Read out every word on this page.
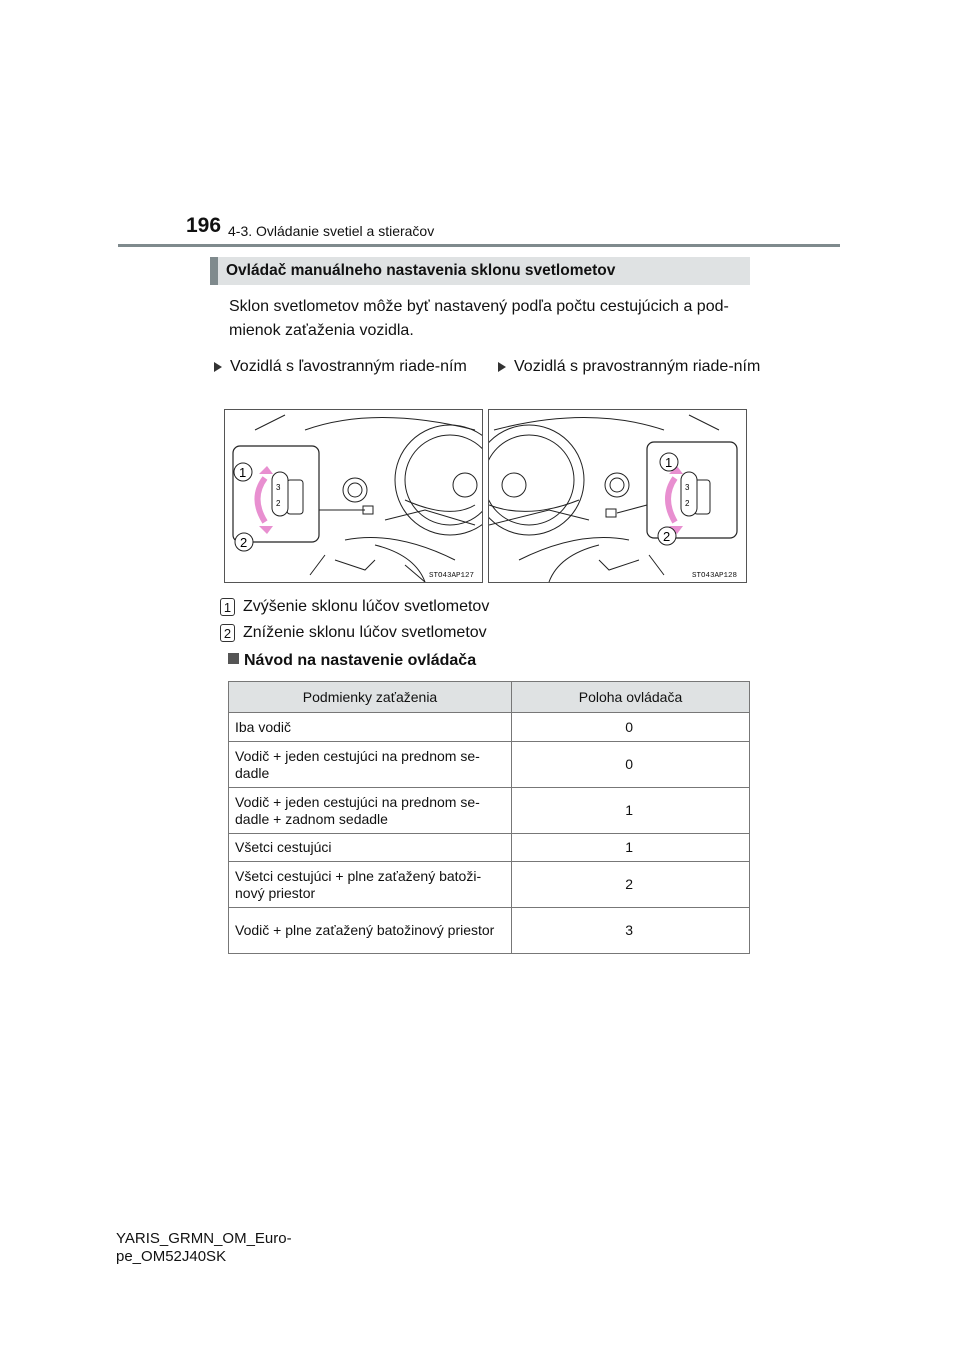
196 4-3. Ovládanie svetiel a stieračov
Ovládač manuálneho nastavenia sklonu svetlometov
Sklon svetlometov môže byť nastavený podľa počtu cestujúcich a pod-mienok zaťaženia vozidla.
Vozidlá s ľavostranným riade-ním	Vozidlá s pravostranným riade-ním
3
2
1
2
STO43AP127
3
2
1
2
STO43AP128
1 Zvýšenie sklonu lúčov svetlometov
2 Zníženie sklonu lúčov svetlometov
Návod na nastavenie ovládača
Podmienky zaťaženia	Poloha ovládača
Iba vodič	0
Vodič + jeden cestujúci na prednom se-dadle	0
Vodič + jeden cestujúci na prednom se-dadle + zadnom sedadle	1
Všetci cestujúci	1
Všetci cestujúci + plne zaťažený batoži-nový priestor	2
Vodič + plne zaťažený batožinový priestor	3
YARIS_GRMN_OM_Euro-
pe_OM52J40SK
